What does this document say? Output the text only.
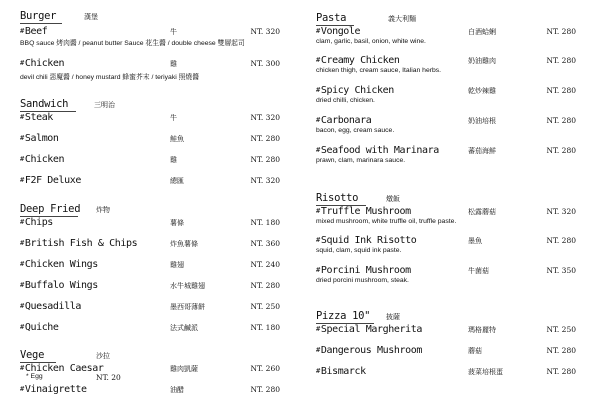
Burger	漢堡
#Beef	牛	NT. 320
BBQ sauce 烤肉醬 / peanut butter Sauce 花生醬 / double cheese 雙層起司
#Chicken	雞	NT. 300
devil chili 惡魔醬 / honey mustard 蜂蜜芥末 / teriyaki 照燒醬
Sandwich	三明治
#Steak	牛	NT. 320
#Salmon	鮭魚	NT. 280
#Chicken	雞	NT. 280
#F2F Deluxe	總匯	NT. 320
Deep Fried 炸物
#Chips	薯條	NT. 180
#British Fish & Chips	炸魚薯條	NT. 360
#Chicken Wings	雞翅	NT. 240
#Buffalo Wings	水牛城雞翅	NT. 280
#Quesadilla	墨西哥薄餅	NT. 250
#Quiche	法式鹹派	NT. 180
Vege	沙拉
#Chicken Caesar	雞肉凱薩	NT. 260
* Egg	NT. 20
#Vinaigrette	油醋	NT. 280
Pasta	義大利麵
#Vongole	白酒蛤蜊	NT. 280
clam, garlic, basil, onion, white wine.
#Creamy Chicken	奶油雞肉	NT. 280
chicken thigh, cream sauce, Italian herbs.
#Spicy Chicken	乾炒辣雞	NT. 280
dried chilli, chicken.
#Carbonara	奶油培根	NT. 280
bacon, egg, cream sauce.
#Seafood with Marinara	蕃茄海鮮	NT. 280
prawn, clam, marinara sauce.
Risotto	燉飯
#Truffle Mushroom	松露蘑菇	NT. 320
mixed mushroom, white truffle oil, truffle paste.
#Squid Ink Risotto	墨魚	NT. 280
squid, clam, squid ink paste.
#Porcini Mushroom	牛菌菇	NT. 350
dried porcini mushroom, steak.
Pizza 10" 披薩
#Special Margherita	瑪格麗特	NT. 250
#Dangerous Mushroom	蘑菇	NT. 280
#Bismarck	菠菜培根蛋	NT. 280
